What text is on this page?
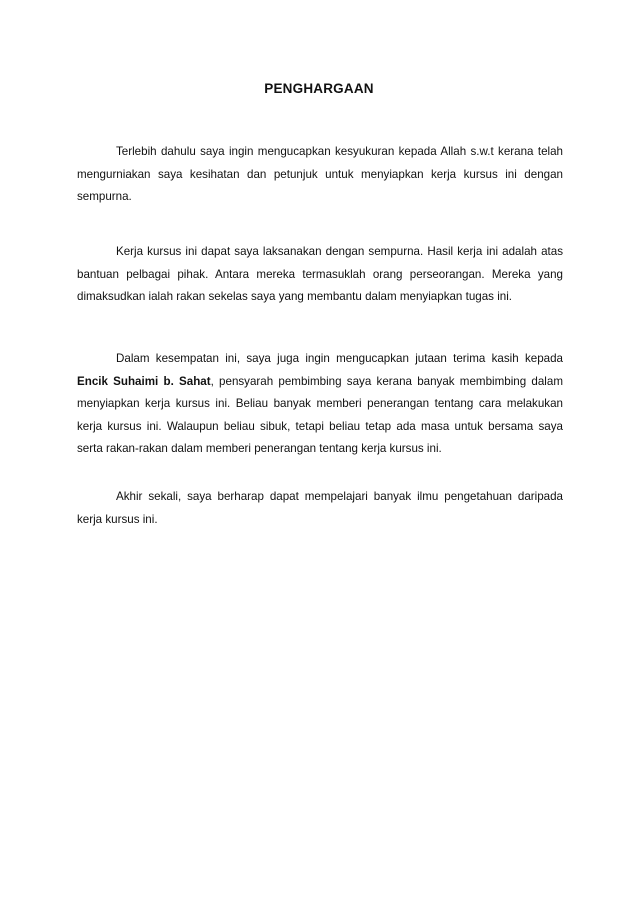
PENGHARGAAN

Terlebih dahulu saya ingin mengucapkan kesyukuran kepada Allah s.w.t kerana telah mengurniakan saya kesihatan dan petunjuk untuk menyiapkan kerja kursus ini dengan sempurna.

Kerja kursus ini dapat saya laksanakan dengan sempurna. Hasil kerja ini adalah atas bantuan pelbagai pihak. Antara mereka termasuklah orang perseorangan. Mereka yang dimaksudkan ialah rakan sekelas saya yang membantu dalam menyiapkan tugas ini.

Dalam kesempatan ini, saya juga ingin mengucapkan jutaan terima kasih kepada Encik Suhaimi b. Sahat, pensyarah pembimbing saya kerana banyak membimbing dalam menyiapkan kerja kursus ini. Beliau banyak memberi penerangan tentang cara melakukan kerja kursus ini. Walaupun beliau sibuk, tetapi beliau tetap ada masa untuk bersama saya serta rakan-rakan dalam memberi penerangan tentang kerja kursus ini.

Akhir sekali, saya berharap dapat mempelajari banyak ilmu pengetahuan daripada kerja kursus ini.
